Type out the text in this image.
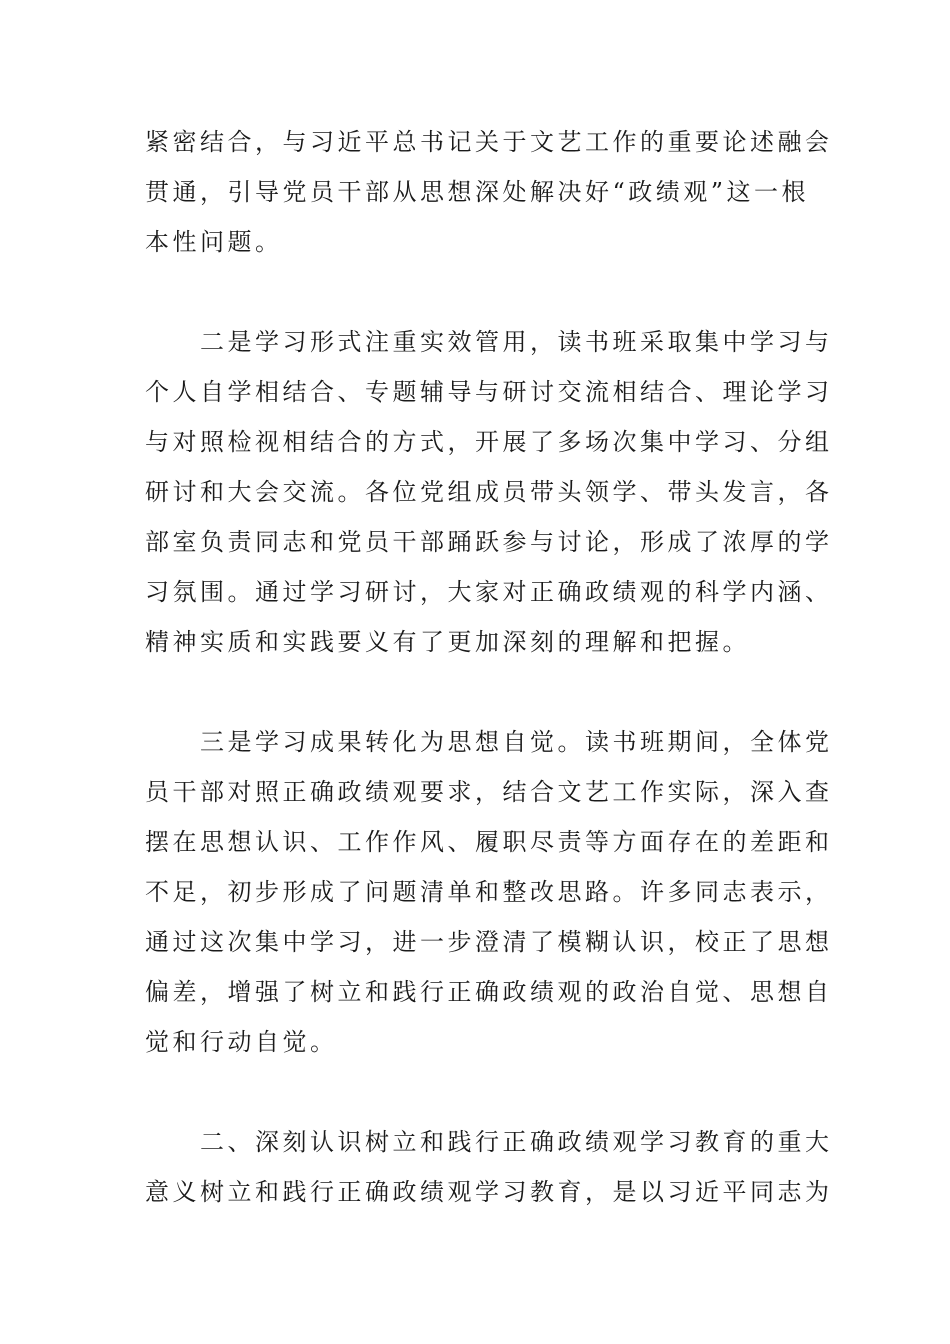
紧密结合，与习近平总书记关于文艺工作的重要论述融会
贯通，引导党员干部从思想深处解决好“政绩观”这一根
本性问题。
二是学习形式注重实效管用，读书班采取集中学习与
个人自学相结合、专题辅导与研讨交流相结合、理论学习
与对照检视相结合的方式，开展了多场次集中学习、分组
研讨和大会交流。各位党组成员带头领学、带头发言，各
部室负责同志和党员干部踊跃参与讨论，形成了浓厚的学
习氛围。通过学习研讨，大家对正确政绩观的科学内涵、
精神实质和实践要义有了更加深刻的理解和把握。
三是学习成果转化为思想自觉。读书班期间，全体党
员干部对照正确政绩观要求，结合文艺工作实际，深入查
摆在思想认识、工作作风、履职尽责等方面存在的差距和
不足，初步形成了问题清单和整改思路。许多同志表示，
通过这次集中学习，进一步澄清了模糊认识，校正了思想
偏差，增强了树立和践行正确政绩观的政治自觉、思想自
觉和行动自觉。
二、深刻认识树立和践行正确政绩观学习教育的重大
意义树立和践行正确政绩观学习教育，是以习近平同志为
